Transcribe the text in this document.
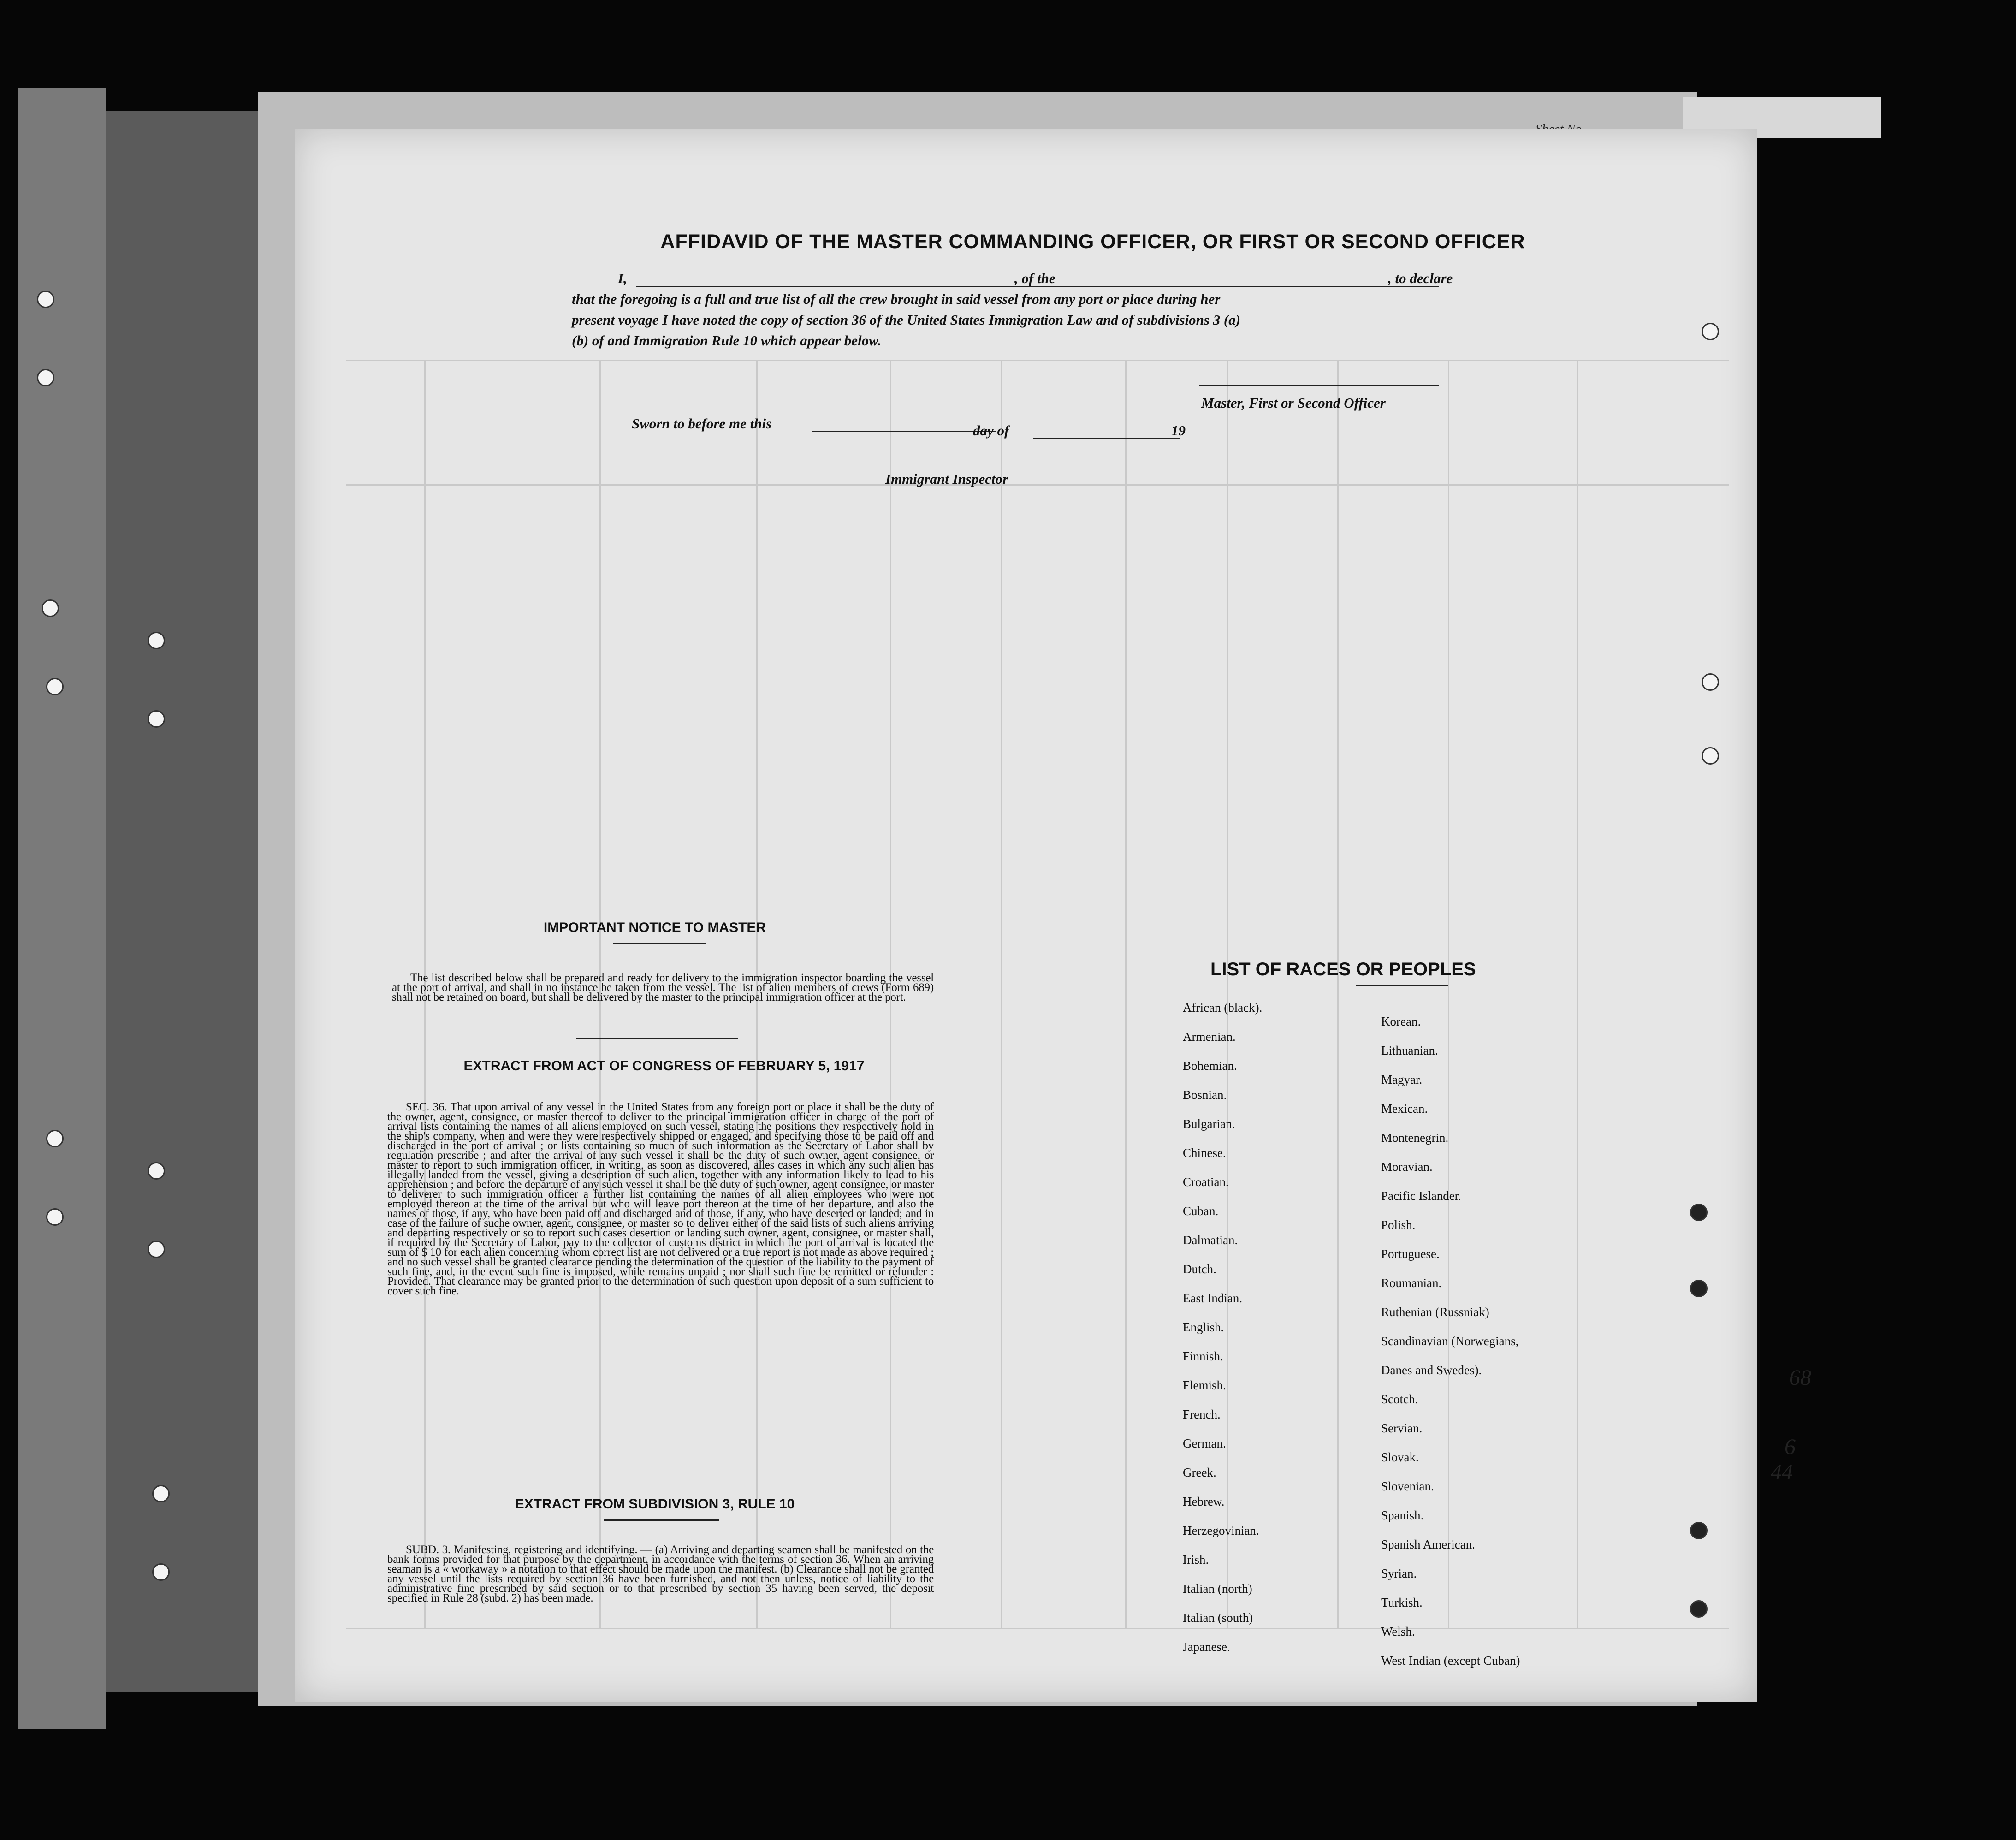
AFFIDAVID OF THE MASTER COMMANDING OFFICER, OR FIRST OR SECOND OFFICER
I,	, of the	, to declare
that the foregoing is a full and true list of all the crew brought in said vessel from any port or place during her
present voyage I have noted the copy of section 36 of the United States Immigration Law and of subdivisions 3 (a)
(b) of and Immigration Rule 10 which appear below.
Master, First or Second Officer
Sworn to before me this	day of	19
Immigrant Inspector
IMPORTANT NOTICE TO MASTER
The list described below shall be prepared and ready for delivery to the immigration inspector boarding the vessel at the port of arrival, and shall in no instance be taken from the vessel. The list of alien members of crews (Form 689) shall not be retained on board, but shall be delivered by the master to the principal immigration officer at the port.
EXTRACT FROM ACT OF CONGRESS OF FEBRUARY 5, 1917
SEC. 36. That upon arrival of any vessel in the United States from any foreign port or place it shall be the duty of the owner, agent, consignee, or master thereof to deliver to the principal immigration officer in charge of the port of arrival lists containing the names of all aliens employed on such vessel, stating the positions they respectively hold in the ship's company, when and were they were respectively shipped or engaged, and specifying those to be paid off and discharged in the port of arrival ; or lists containing so much of such information as the Secretary of Labor shall by regulation prescribe ; and after the arrival of any such vessel it shall be the duty of such owner, agent consignee, or master to report to such immigration officer, in writing, as soon as discovered, alles cases in which any such alien has illegally landed from the vessel, giving a description of such alien, together with any information likely to lead to his apprehension ; and before the departure of any such vessel it shall be the duty of such owner, agent consignee, or master to deliverer to such immigration officer a further list containing the names of all alien employees who were not employed thereon at the time of the arrival but who will leave port thereon at the time of her departure, and also the names of those, if any, who have been paid off and discharged and of those, if any, who have deserted or landed; and in case of the failure of suche owner, agent, consignee, or master so to deliver either of the said lists of such aliens arriving and departing respectively or so to report such cases desertion or landing such owner, agent, consignee, or master shall, if required by the Secretary of Labor, pay to the collector of customs district in which the port of arrival is located the sum of $ 10 for each alien concerning whom correct list are not delivered or a true report is not made as above required ; and no such vessel shall be granted clearance pending the determination of the question of the liability to the payment of such fine, and, in the event such fine is imposed, while remains unpaid ; nor shall such fine be remitted or refunder : Provided. That clearance may be granted prior to the determination of such question upon deposit of a sum sufficient to cover such fine.
EXTRACT FROM SUBDIVISION 3, RULE 10
SUBD. 3. Manifesting, registering and identifying. — (a) Arriving and departing seamen shall be manifested on the bank forms provided for that purpose by the department, in accordance with the terms of section 36. When an arriving seaman is a « workaway » a notation to that effect should be made upon the manifest. (b) Clearance shall not be granted any vessel until the lists required by section 36 have been furnished, and not then unless, notice of liability to the administrative fine prescribed by said section or to that prescribed by section 35 having been served, the deposit specified in Rule 28 (subd. 2) has been made.
LIST OF RACES OR PEOPLES
African (black).
Armenian.
Bohemian.
Bosnian.
Bulgarian.
Chinese.
Croatian.
Cuban.
Dalmatian.
Dutch.
East Indian.
English.
Finnish.
Flemish.
French.
German.
Greek.
Hebrew.
Herzegovinian.
Irish.
Italian (north)
Italian (south)
Japanese.
Korean.
Lithuanian.
Magyar.
Mexican.
Montenegrin.
Moravian.
Pacific Islander.
Polish.
Portuguese.
Roumanian.
Ruthenian (Russniak)
Scandinavian (Norwegians,
Danes and Swedes).
Scotch.
Servian.
Slovak.
Slovenian.
Spanish.
Spanish American.
Syrian.
Turkish.
Welsh.
West Indian (except Cuban)
68
6
44
